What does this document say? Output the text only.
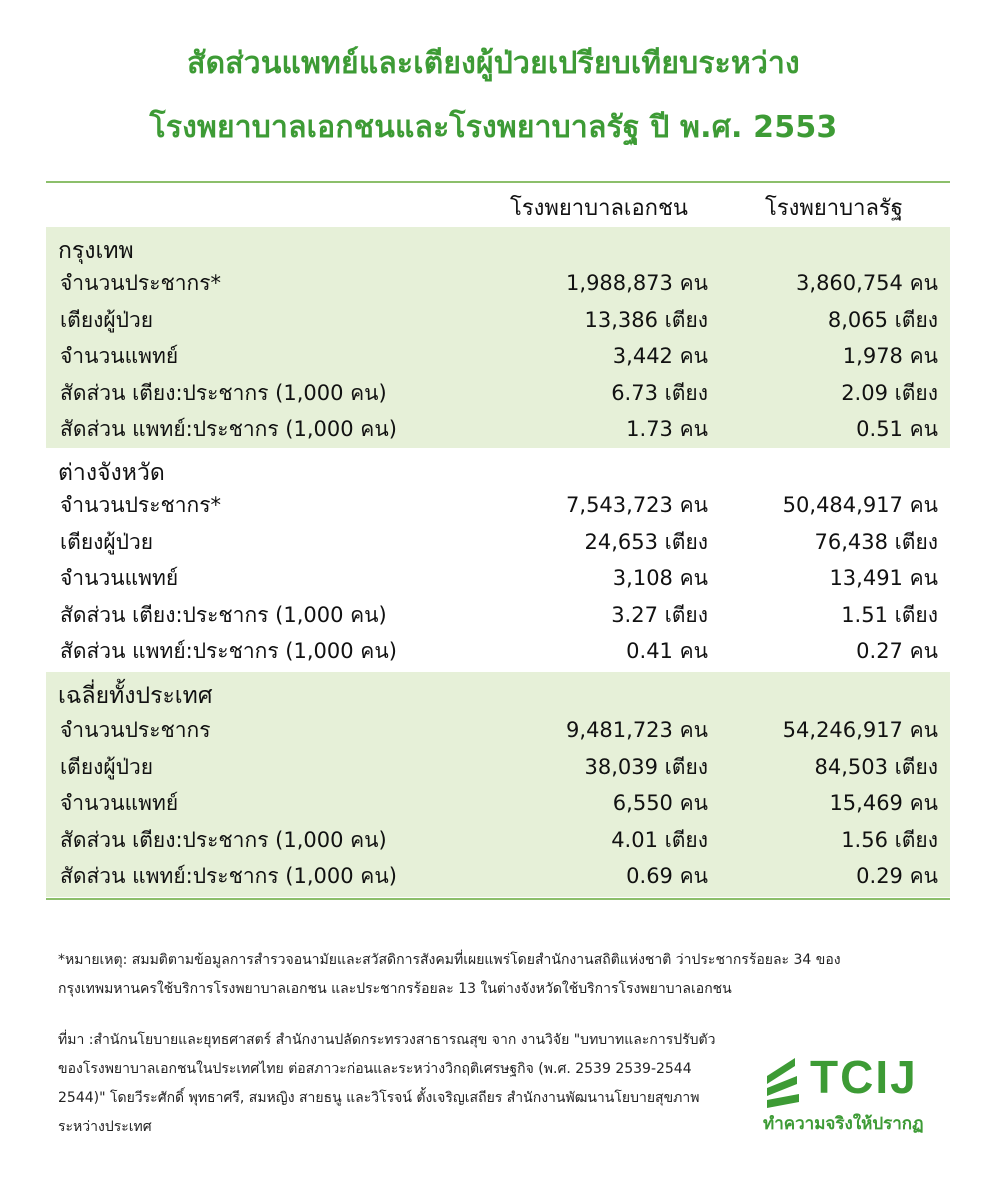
สัดส่วนแพทย์และเตียงผู้ป่วยเปรียบเทียบระหว่าง
โรงพยาบาลเอกชนและโรงพยาบาลรัฐ ปี พ.ศ. 2553
โรงพยาบาลเอกชน	โรงพยาบาลรัฐ
กรุงเทพ
จำนวนประชากร*	1,988,873 คน	3,860,754 คน
เตียงผู้ป่วย	13,386 เตียง	8,065 เตียง
จำนวนแพทย์	3,442 คน	1,978 คน
สัดส่วน เตียง:ประชากร (1,000 คน)	6.73 เตียง	2.09 เตียง
สัดส่วน แพทย์:ประชากร (1,000 คน)	1.73 คน	0.51 คน
ต่างจังหวัด
จำนวนประชากร*	7,543,723 คน	50,484,917 คน
เตียงผู้ป่วย	24,653 เตียง	76,438 เตียง
จำนวนแพทย์	3,108 คน	13,491 คน
สัดส่วน เตียง:ประชากร (1,000 คน)	3.27 เตียง	1.51 เตียง
สัดส่วน แพทย์:ประชากร (1,000 คน)	0.41 คน	0.27 คน
เฉลี่ยทั้งประเทศ
จำนวนประชากร	9,481,723 คน	54,246,917 คน
เตียงผู้ป่วย	38,039 เตียง	84,503 เตียง
จำนวนแพทย์	6,550 คน	15,469 คน
สัดส่วน เตียง:ประชากร (1,000 คน)	4.01 เตียง	1.56 เตียง
สัดส่วน แพทย์:ประชากร (1,000 คน)	0.69 คน	0.29 คน
*หมายเหตุ: สมมติตามข้อมูลการสำรวจอนามัยและสวัสดิการสังคมที่เผยแพร่โดยสำนักงานสถิติแห่งชาติ ว่าประชากรร้อยละ 34 ของกรุงเทพมหานครใช้บริการโรงพยาบาลเอกชน และประชากรร้อยละ 13 ในต่างจังหวัดใช้บริการโรงพยาบาลเอกชน
ที่มา :สำนักนโยบายและยุทธศาสตร์ สำนักงานปลัดกระทรวงสาธารณสุข จาก งานวิจัย "บทบาทและการปรับตัวของโรงพยาบาลเอกชนในประเทศไทย ต่อสภาวะก่อนและระหว่างวิกฤติเศรษฐกิจ (พ.ศ. 2539 2539-2544 2544)" โดยวีระศักดิ์ พุทธาศรี, สมหญิง สายธนู และวิโรจน์ ตั้งเจริญเสถียร สำนักงานพัฒนานโยบายสุขภาพระหว่างประเทศ
TCIJ
ทำความจริงให้ปรากฏ
